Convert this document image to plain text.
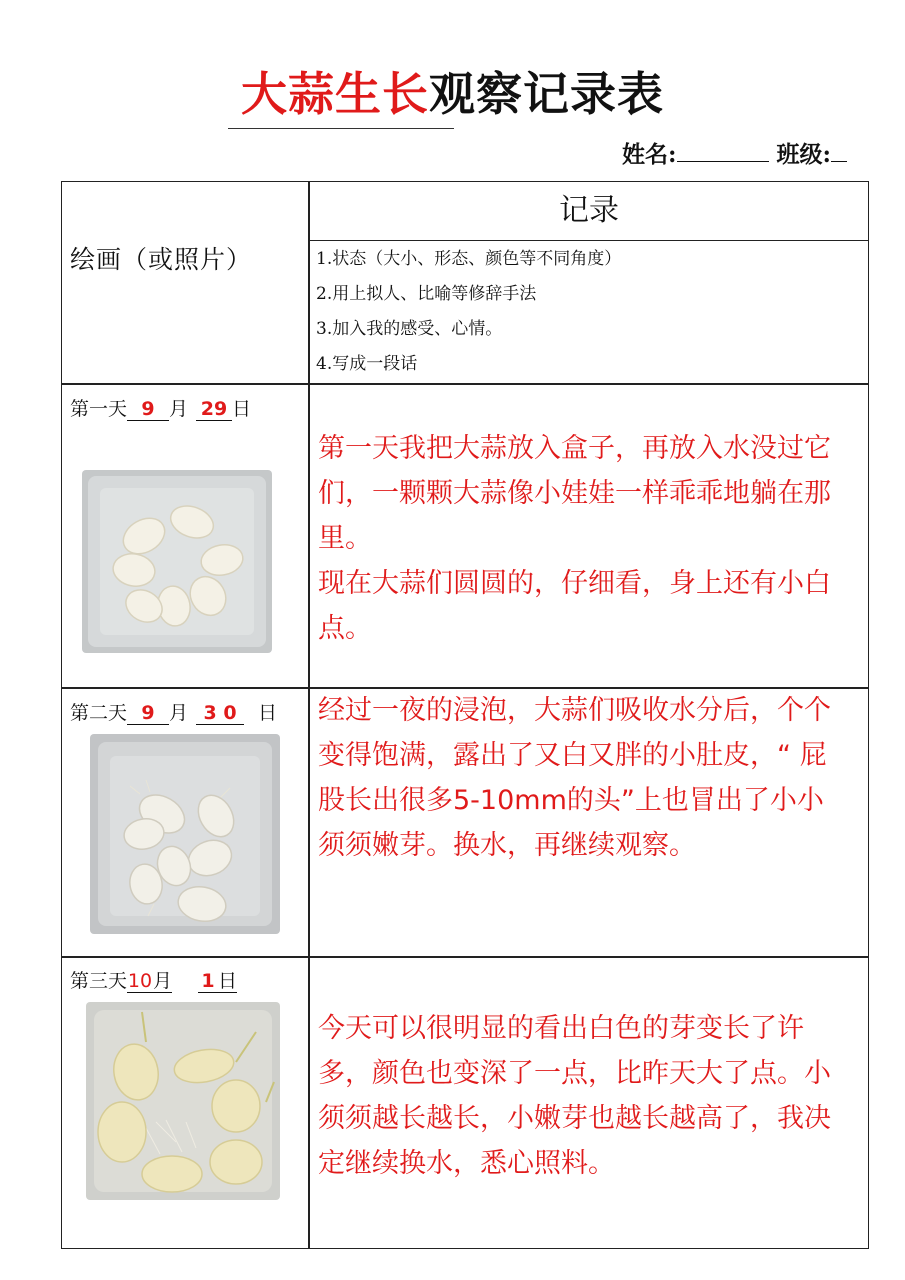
大蒜生长观察记录表
姓名:	班级:
绘画（或照片）
记录
1.状态（大小、形态、颜色等不同角度）
2.用上拟人、比喻等修辞手法
3.加入我的感受、心情。
4.写成一段话
第一天 9 月 29 日
第一天我把大蒜放入盒子，再放入水没过它们，一颗颗大蒜像小娃娃一样乖乖地躺在那里。
现在大蒜们圆圆的，仔细看，身上还有小白点。
第二天 9 月 3 0 日 经过一夜的浸泡，大蒜们吸收水分后，个个变得饱满，露出了又白又胖的小肚皮，“ 屁股长出很多5-10mm的头”上也冒出了小小须须嫩芽。换水，再继续观察。
第三天10月 1 日
今天可以很明显的看出白色的芽变长了许多，颜色也变深了一点，比昨天大了点。小须须越长越长，小嫩芽也越长越高了，我决定继续换水，悉心照料。
